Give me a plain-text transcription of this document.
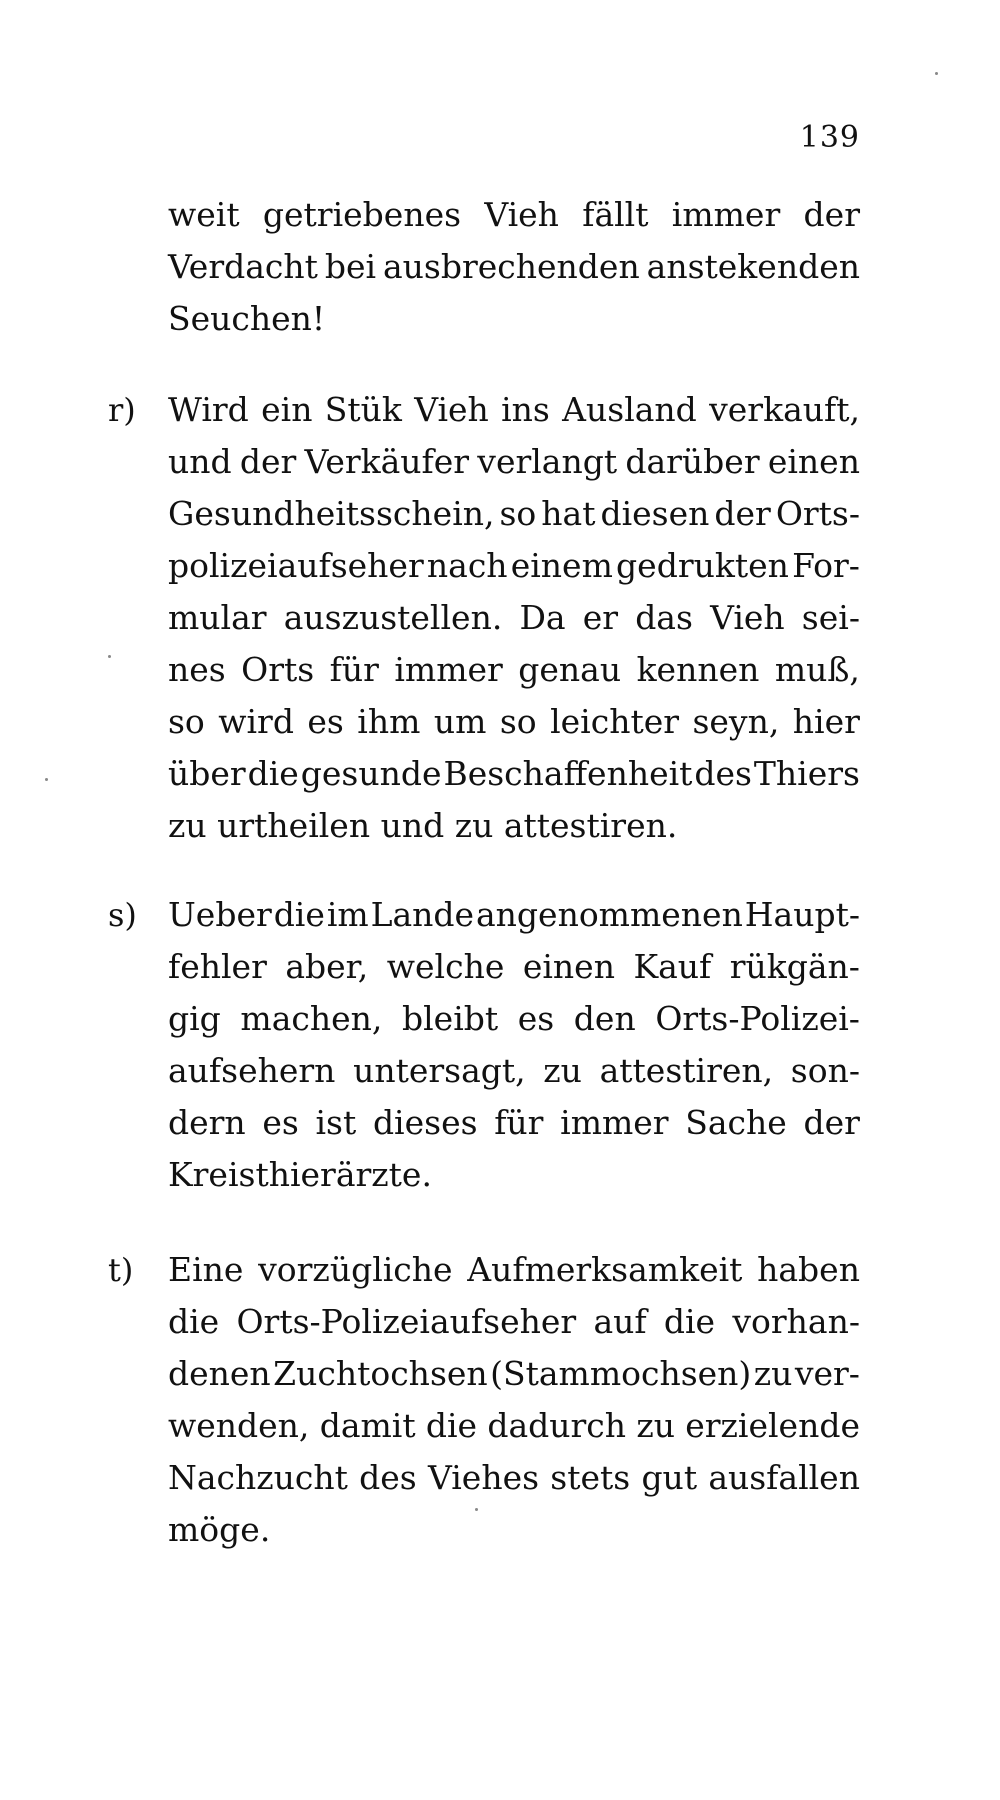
139
weit getriebenes Vieh fällt immer der
Verdacht bei ausbrechenden anstekenden
Seuchen!
r) Wird ein Stük Vieh ins Ausland verkauft,
und der Verkäufer verlangt darüber einen
Gesundheitsschein, so hat diesen der Orts-
polizeiaufseher nach einem gedrukten For-
mular auszustellen. Da er das Vieh sei-
nes Orts für immer genau kennen muß,
so wird es ihm um so leichter seyn, hier
über die gesunde Beschaffenheit des Thiers
zu urtheilen und zu attestiren.
s) Ueber die im Lande angenommenen Haupt-
fehler aber, welche einen Kauf rükgän-
gig machen, bleibt es den Orts-Polizei-
aufsehern untersagt, zu attestiren, son-
dern es ist dieses für immer Sache der
Kreisthierärzte.
t) Eine vorzügliche Aufmerksamkeit haben
die Orts-Polizeiaufseher auf die vorhan-
denen Zuchtochsen (Stammochsen) zu ver-
wenden, damit die dadurch zu erzielende
Nachzucht des Viehes stets gut ausfallen
möge.
